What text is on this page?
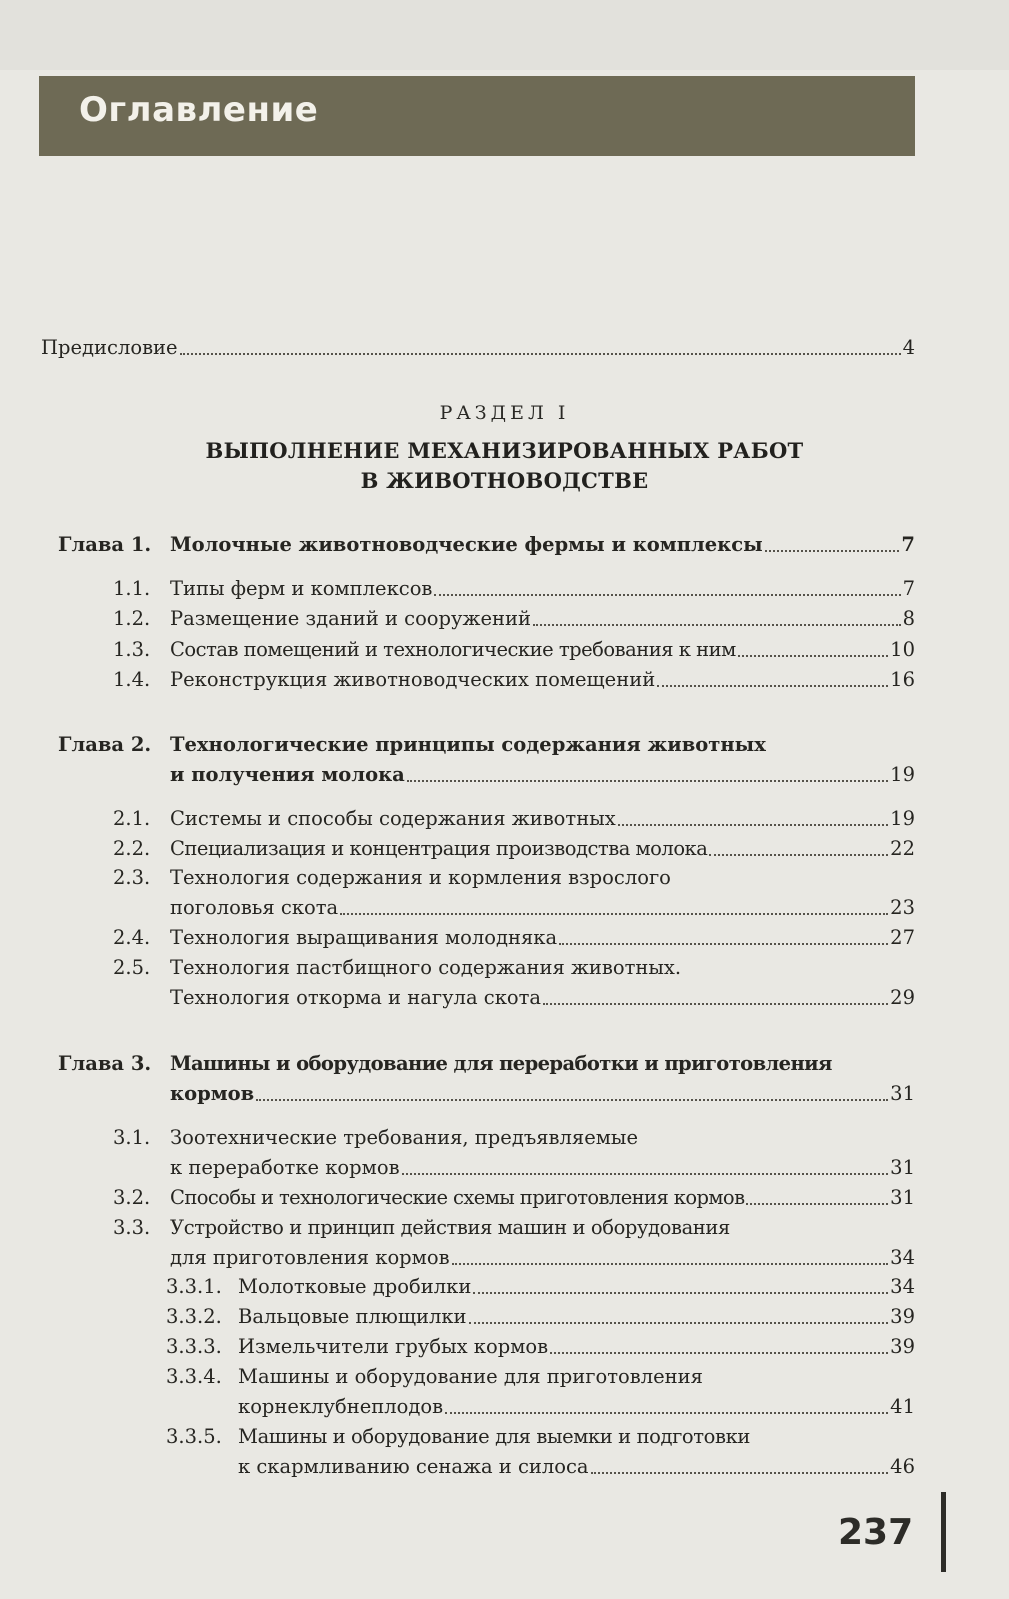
Оглавление
Предисловие	4
РАЗДЕЛ I
ВЫПОЛНЕНИЕ МЕХАНИЗИРОВАННЫХ РАБОТ
В ЖИВОТНОВОДСТВЕ
Глава 1. Молочные животноводческие фермы и комплексы	7
1.1.	Типы ферм и комплексов	7
1.2.	Размещение зданий и сооружений	8
1.3.	Состав помещений и технологические требования к ним	10
1.4.	Реконструкция животноводческих помещений	16
Глава 2. Технологические принципы содержания животных
и получения молока	19
2.1.	Системы и способы содержания животных	19
2.2.	Специализация и концентрация производства молока	22
2.3.	Технология содержания и кормления взрослого
поголовья скота	23
2.4.	Технология выращивания молодняка	27
2.5.	Технология пастбищного содержания животных.
Технология откорма и нагула скота	29
Глава 3. Машины и оборудование для переработки и приготовления
кормов	31
3.1.	Зоотехнические требования, предъявляемые
к переработке кормов	31
3.2.	Способы и технологические схемы приготовления кормов	31
3.3.	Устройство и принцип действия машин и оборудования
для приготовления кормов	34
3.3.1. Молотковые дробилки	34
3.3.2. Вальцовые плющилки	39
3.3.3. Измельчители грубых кормов	39
3.3.4. Машины и оборудование для приготовления
корнеклубнеплодов	41
3.3.5. Машины и оборудование для выемки и подготовки
к скармливанию сенажа и силоса	46
237
